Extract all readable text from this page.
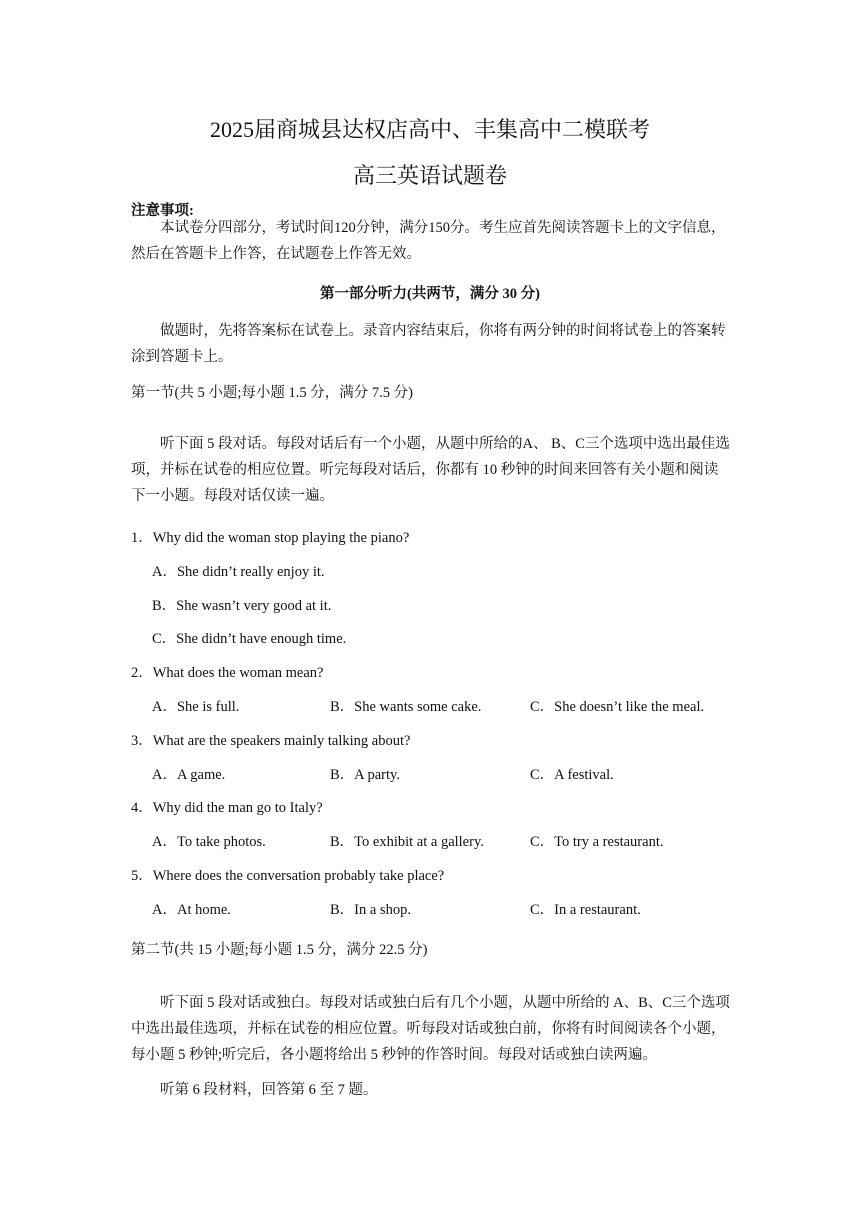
2025届商城县达权店高中、丰集高中二模联考
高三英语试题卷
注意事项:
本试卷分四部分，考试时间120分钟，满分150分。考生应首先阅读答题卡上的文字信息，然后在答题卡上作答，在试题卷上作答无效。
第一部分听力(共两节，满分 30 分)
做题时，先将答案标在试卷上。录音内容结束后，你将有两分钟的时间将试卷上的答案转涂到答题卡上。
第一节(共 5 小题;每小题 1.5 分，满分 7.5 分)
听下面 5 段对话。每段对话后有一个小题，从题中所给的A、 B、C三个选项中选出最佳选项，并标在试卷的相应位置。听完每段对话后，你都有 10 秒钟的时间来回答有关小题和阅读下一小题。每段对话仅读一遍。
1．Why did the woman stop playing the piano?
A．She didn’t really enjoy it.
B．She wasn’t very good at it.
C．She didn’t have enough time.
2．What does the woman mean?
A．She is full.	B．She wants some cake.	C．She doesn’t like the meal.
3．What are the speakers mainly talking about?
A．A game.	B．A party.	C．A festival.
4．Why did the man go to Italy?
A．To take photos.	B．To exhibit at a gallery.	C．To try a restaurant.
5．Where does the conversation probably take place?
A．At home.	B．In a shop.	C．In a restaurant.
第二节(共 15 小题;每小题 1.5 分，满分 22.5 分)
听下面 5 段对话或独白。每段对话或独白后有几个小题，从题中所给的 A、B、C三个选项中选出最佳选项，并标在试卷的相应位置。听每段对话或独白前，你将有时间阅读各个小题，每小题 5 秒钟;听完后，各小题将给出 5 秒钟的作答时间。每段对话或独白读两遍。
听第 6 段材料，回答第 6 至 7 题。
